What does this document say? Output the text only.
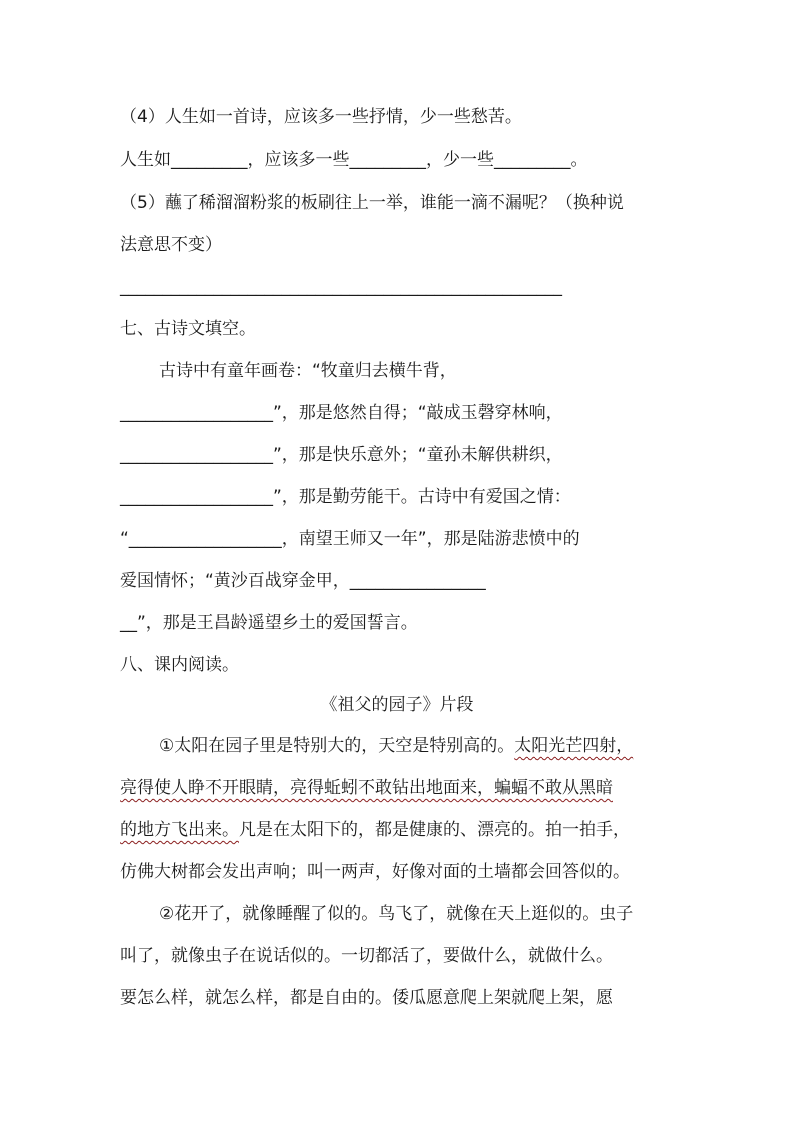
（4）人生如一首诗，应该多一些抒情，少一些愁苦。
人生如_________，应该多一些_________，少一些_________。
（5）蘸了稀溜溜粉浆的板刷往上一举，谁能一滴不漏呢？（换种说
法意思不变）
____________________________________________________
七、古诗文填空。
古诗中有童年画卷：“牧童归去横牛背，
__________________”，那是悠然自得；“敲成玉磬穿林响，
__________________”，那是快乐意外；“童孙未解供耕织，
__________________”，那是勤劳能干。古诗中有爱国之情：
“__________________，南望王师又一年”，那是陆游悲愤中的
爱国情怀；“黄沙百战穿金甲，________________
__”，那是王昌龄遥望乡土的爱国誓言。
八、课内阅读。
《祖父的园子》片段
①太阳在园子里是特别大的，天空是特别高的。太阳光芒四射，
亮得使人睁不开眼睛，亮得蚯蚓不敢钻出地面来，蝙蝠不敢从黑暗
的地方飞出来。凡是在太阳下的，都是健康的、漂亮的。拍一拍手，
仿佛大树都会发出声响；叫一两声，好像对面的土墙都会回答似的。
②花开了，就像睡醒了似的。鸟飞了，就像在天上逛似的。虫子
叫了，就像虫子在说话似的。一切都活了，要做什么，就做什么。
要怎么样，就怎么样，都是自由的。倭瓜愿意爬上架就爬上架，愿
